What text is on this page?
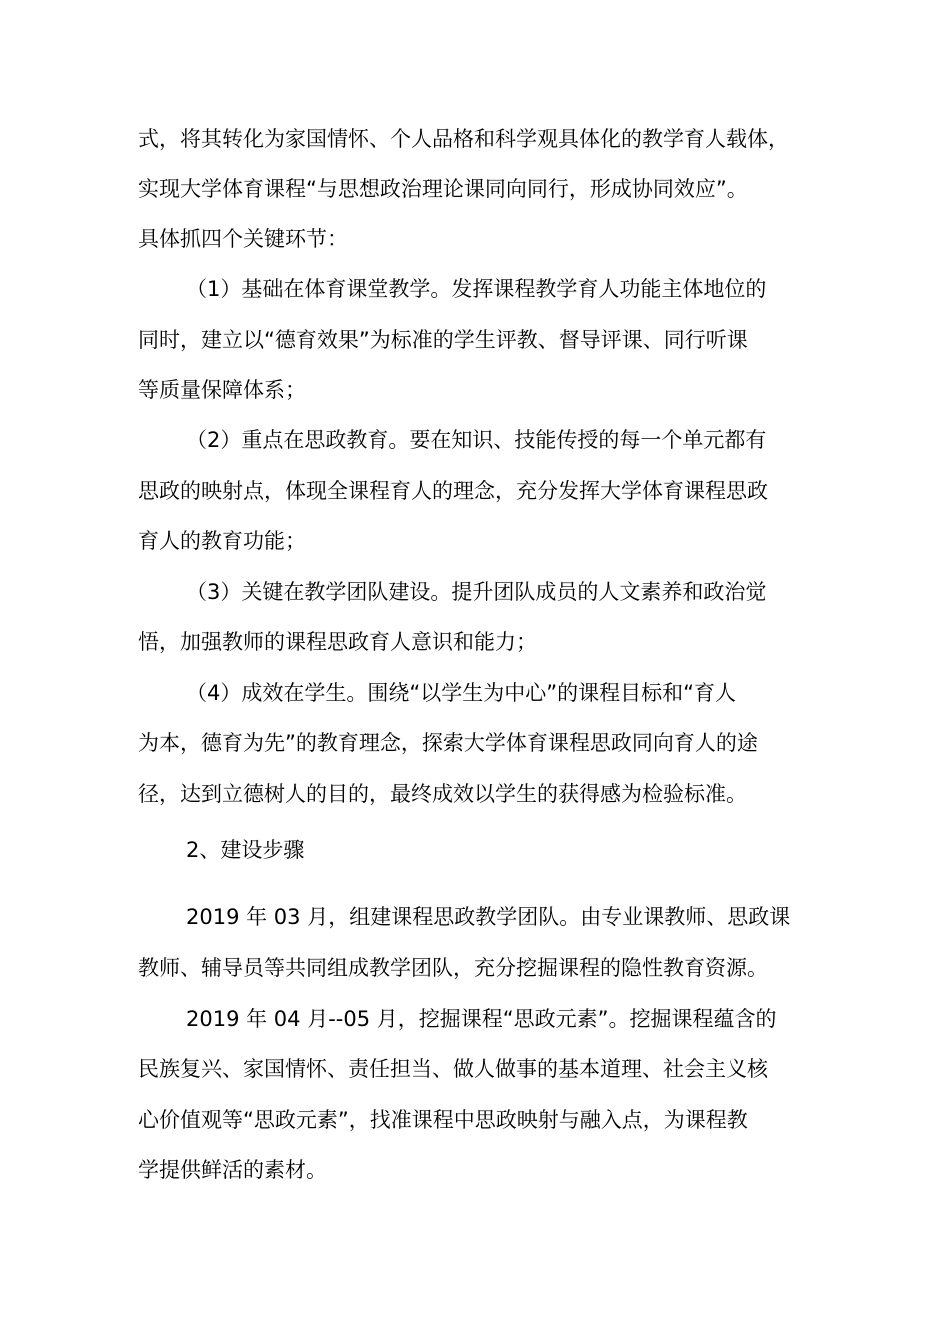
式，将其转化为家国情怀、个人品格和科学观具体化的教学育人载体，
实现大学体育课程“与思想政治理论课同向同行，形成协同效应”。
具体抓四个关键环节：
（1）基础在体育课堂教学。发挥课程教学育人功能主体地位的
同时，建立以“德育效果”为标准的学生评教、督导评课、同行听课
等质量保障体系；
（2）重点在思政教育。要在知识、技能传授的每一个单元都有
思政的映射点，体现全课程育人的理念，充分发挥大学体育课程思政
育人的教育功能；
（3）关键在教学团队建设。提升团队成员的人文素养和政治觉
悟，加强教师的课程思政育人意识和能力；
（4）成效在学生。围绕“以学生为中心”的课程目标和“育人
为本，德育为先”的教育理念，探索大学体育课程思政同向育人的途
径，达到立德树人的目的，最终成效以学生的获得感为检验标准。
2、建设步骤
2019 年 03 月，组建课程思政教学团队。由专业课教师、思政课
教师、辅导员等共同组成教学团队，充分挖掘课程的隐性教育资源。
2019 年 04 月--05 月，挖掘课程“思政元素”。挖掘课程蕴含的
民族复兴、家国情怀、责任担当、做人做事的基本道理、社会主义核
心价值观等“思政元素”，找准课程中思政映射与融入点，为课程教
学提供鲜活的素材。
